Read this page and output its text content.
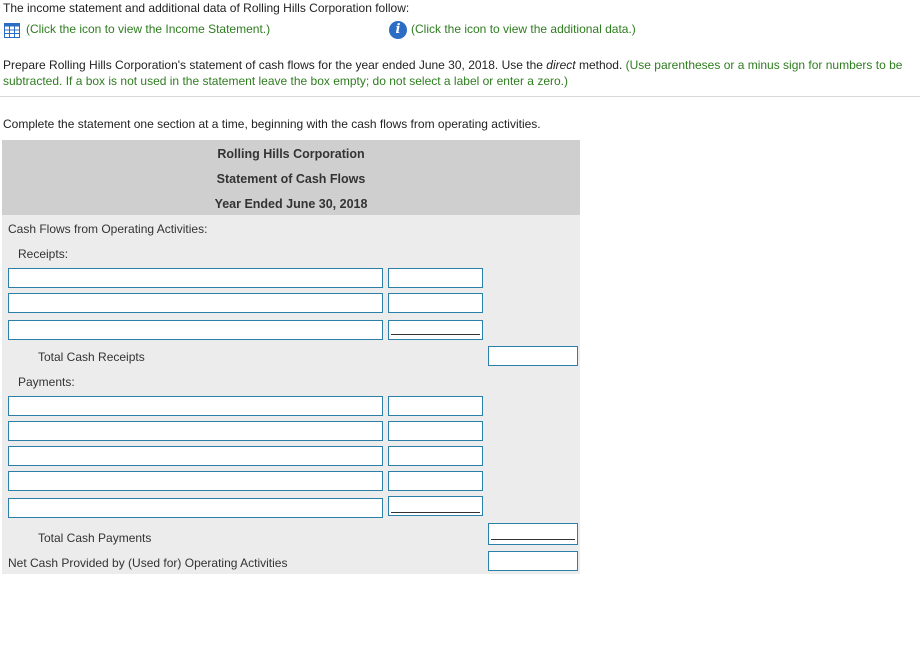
The income statement and additional data of Rolling Hills Corporation follow:
(Click the icon to view the Income Statement.)	i (Click the icon to view the additional data.)
Prepare Rolling Hills Corporation's statement of cash flows for the year ended June 30, 2018. Use the direct method. (Use parentheses or a minus sign for numbers to be subtracted. If a box is not used in the statement leave the box empty; do not select a label or enter a zero.)
Complete the statement one section at a time, beginning with the cash flows from operating activities.
Rolling Hills Corporation
Statement of Cash Flows
Year Ended June 30, 2018
Cash Flows from Operating Activities:
Receipts:
Total Cash Receipts
Payments:
Total Cash Payments
Net Cash Provided by (Used for) Operating Activities
